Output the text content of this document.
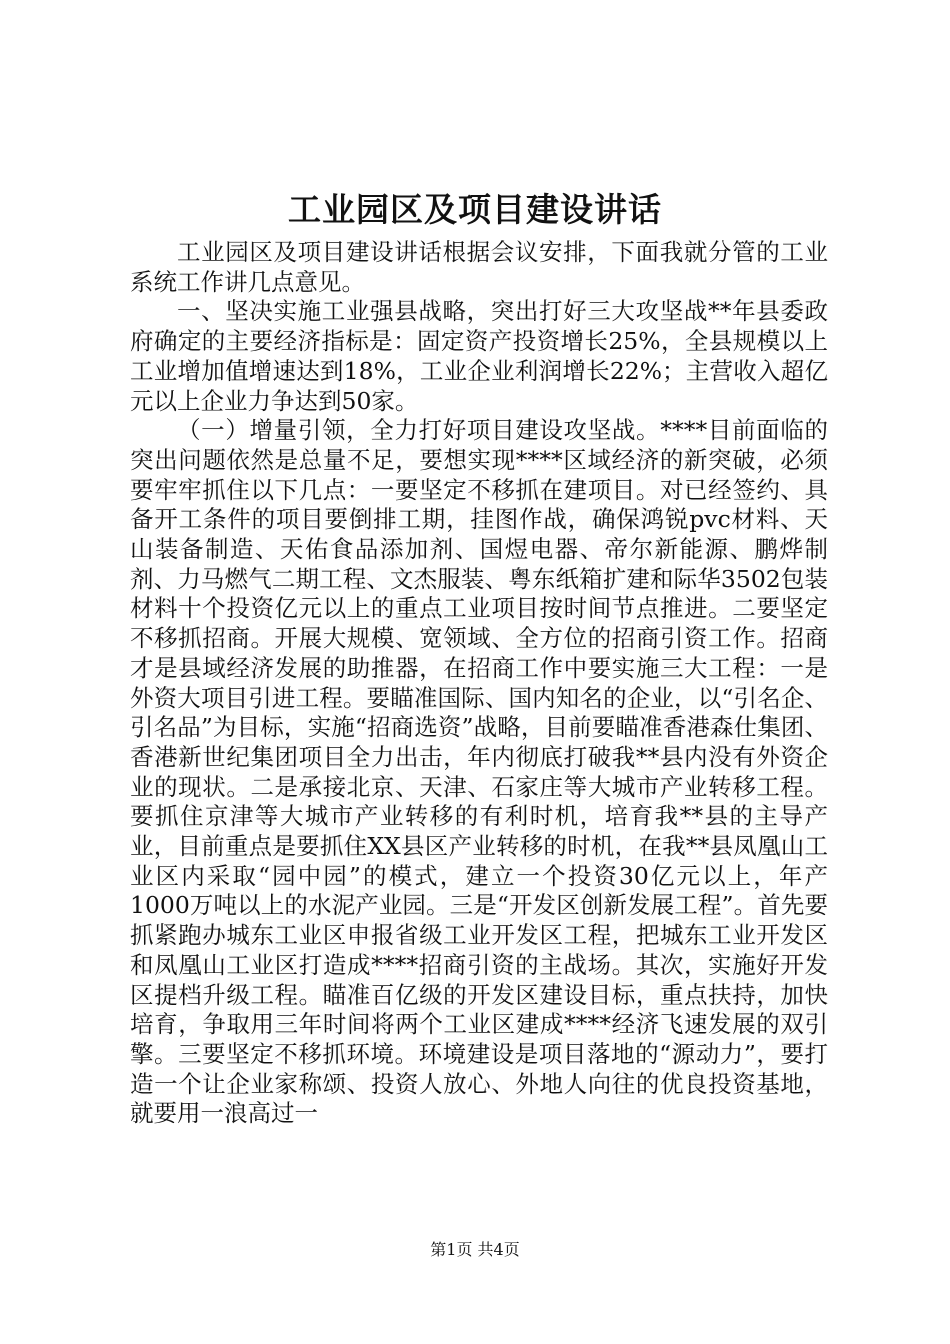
工业园区及项目建设讲话

工业园区及项目建设讲话根据会议安排，下面我就分管的工业系统工作讲几点意见。

一、坚决实施工业强县战略，突出打好三大攻坚战**年县委政府确定的主要经济指标是：固定资产投资增长25%，全县规模以上工业增加值增速达到18%，工业企业利润增长22%；主营收入超亿元以上企业力争达到50家。

（一）增量引领，全力打好项目建设攻坚战。****目前面临的突出问题依然是总量不足，要想实现****区域经济的新突破，必须要牢牢抓住以下几点：一要坚定不移抓在建项目。对已经签约、具备开工条件的项目要倒排工期，挂图作战，确保鸿锐pvc材料、天山装备制造、天佑食品添加剂、国煜电器、帝尔新能源、鹏烨制剂、力马燃气二期工程、文杰服装、粤东纸箱扩建和际华3502包装材料十个投资亿元以上的重点工业项目按时间节点推进。二要坚定不移抓招商。开展大规模、宽领域、全方位的招商引资工作。招商才是县域经济发展的助推器，在招商工作中要实施三大工程：一是外资大项目引进工程。要瞄准国际、国内知名的企业，以“引名企、引名品”为目标，实施“招商选资”战略，目前要瞄准香港森仕集团、香港新世纪集团项目全力出击，年内彻底打破我**县内没有外资企业的现状。二是承接北京、天津、石家庄等大城市产业转移工程。要抓住京津等大城市产业转移的有利时机，培育我**县的主导产业，目前重点是要抓住XX县区产业转移的时机，在我**县凤凰山工业区内采取“园中园”的模式，建立一个投资30亿元以上，年产1000万吨以上的水泥产业园。三是“开发区创新发展工程”。首先要抓紧跑办城东工业区申报省级工业开发区工程，把城东工业开发区和凤凰山工业区打造成****招商引资的主战场。其次，实施好开发区提档升级工程。瞄准百亿级的开发区建设目标，重点扶持，加快培育，争取用三年时间将两个工业区建成****经济飞速发展的双引擎。三要坚定不移抓环境。环境建设是项目落地的“源动力”，要打造一个让企业家称颂、投资人放心、外地人向往的优良投资基地，就要用一浪高过一

第1页 共4页
